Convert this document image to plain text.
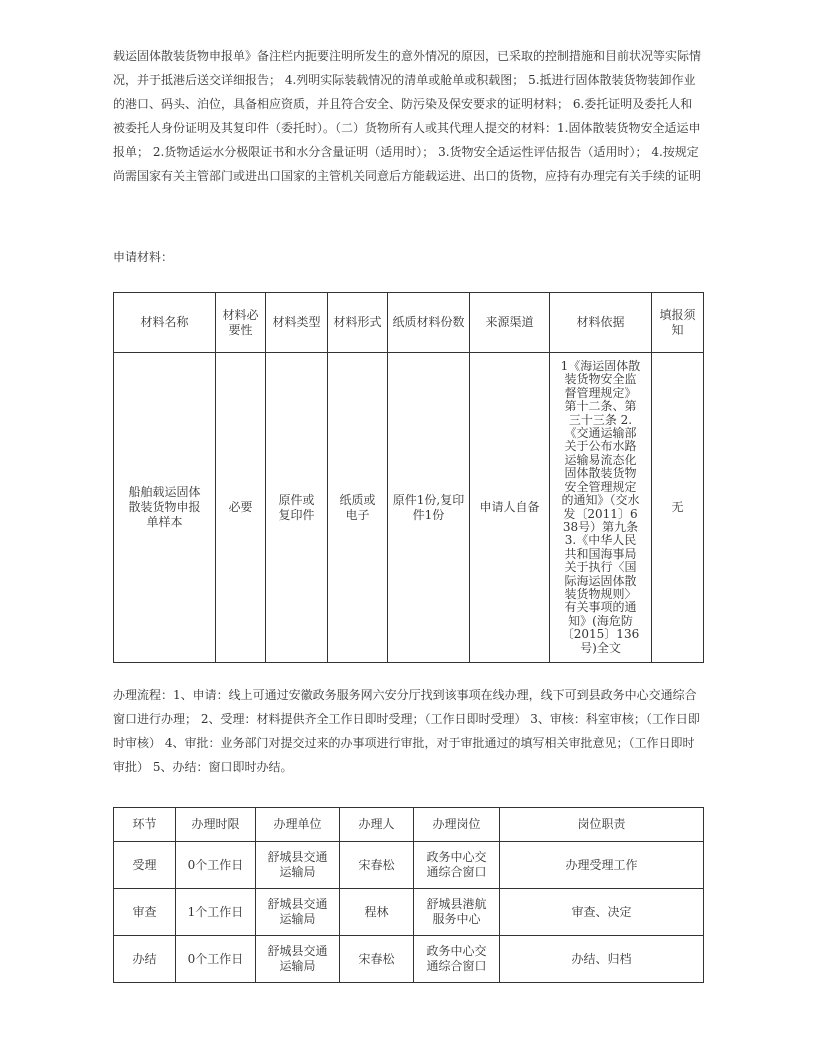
载运固体散装货物申报单》备注栏内扼要注明所发生的意外情况的原因，已采取的控制措施和目前状况等实际情况，并于抵港后送交详细报告； 4.列明实际装载情况的清单或舱单或积载图； 5.抵进行固体散装货物装卸作业的港口、码头、泊位，具备相应资质，并且符合安全、防污染及保安要求的证明材料； 6.委托证明及委托人和被委托人身份证明及其复印件（委托时）。（二）货物所有人或其代理人提交的材料：1.固体散装货物安全适运申报单； 2.货物适运水分极限证书和水分含量证明（适用时）； 3.货物安全适运性评估报告（适用时）； 4.按规定尚需国家有关主管部门或进出口国家的主管机关同意后方能载运进、出口的货物，应持有办理完有关手续的证明

申请材料：

材料名称	材料必要性	材料类型	材料形式	纸质材料份数	来源渠道	材料依据	填报须知
船舶载运固体散装货物申报单样本	必要	原件或复印件	纸质或电子	原件1份,复印件1份	申请人自备	1《海运固体散装货物安全监督管理规定》第十二条、第三十三条 2.《交通运输部关于公布水路运输易流态化固体散装货物安全管理规定的通知》（交水发〔2011〕638号）第九条 3.《中华人民共和国海事局关于执行〈国际海运固体散装货物规则〉有关事项的通知》(海危防〔2015〕136号)全文	无

办理流程：1、申请：线上可通过安徽政务服务网六安分厅找到该事项在线办理，线下可到县政务中心交通综合窗口进行办理； 2、受理：材料提供齐全工作日即时受理；（工作日即时受理） 3、审核：科室审核；（工作日即时审核） 4、审批：业务部门对提交过来的办事项进行审批，对于审批通过的填写相关审批意见；（工作日即时审批） 5、办结：窗口即时办结。

环节	办理时限	办理单位	办理人	办理岗位	岗位职责
受理	0个工作日	舒城县交通运输局	宋春松	政务中心交通综合窗口	办理受理工作
审查	1个工作日	舒城县交通运输局	程林	舒城县港航服务中心	审查、决定
办结	0个工作日	舒城县交通运输局	宋春松	政务中心交通综合窗口	办结、归档
